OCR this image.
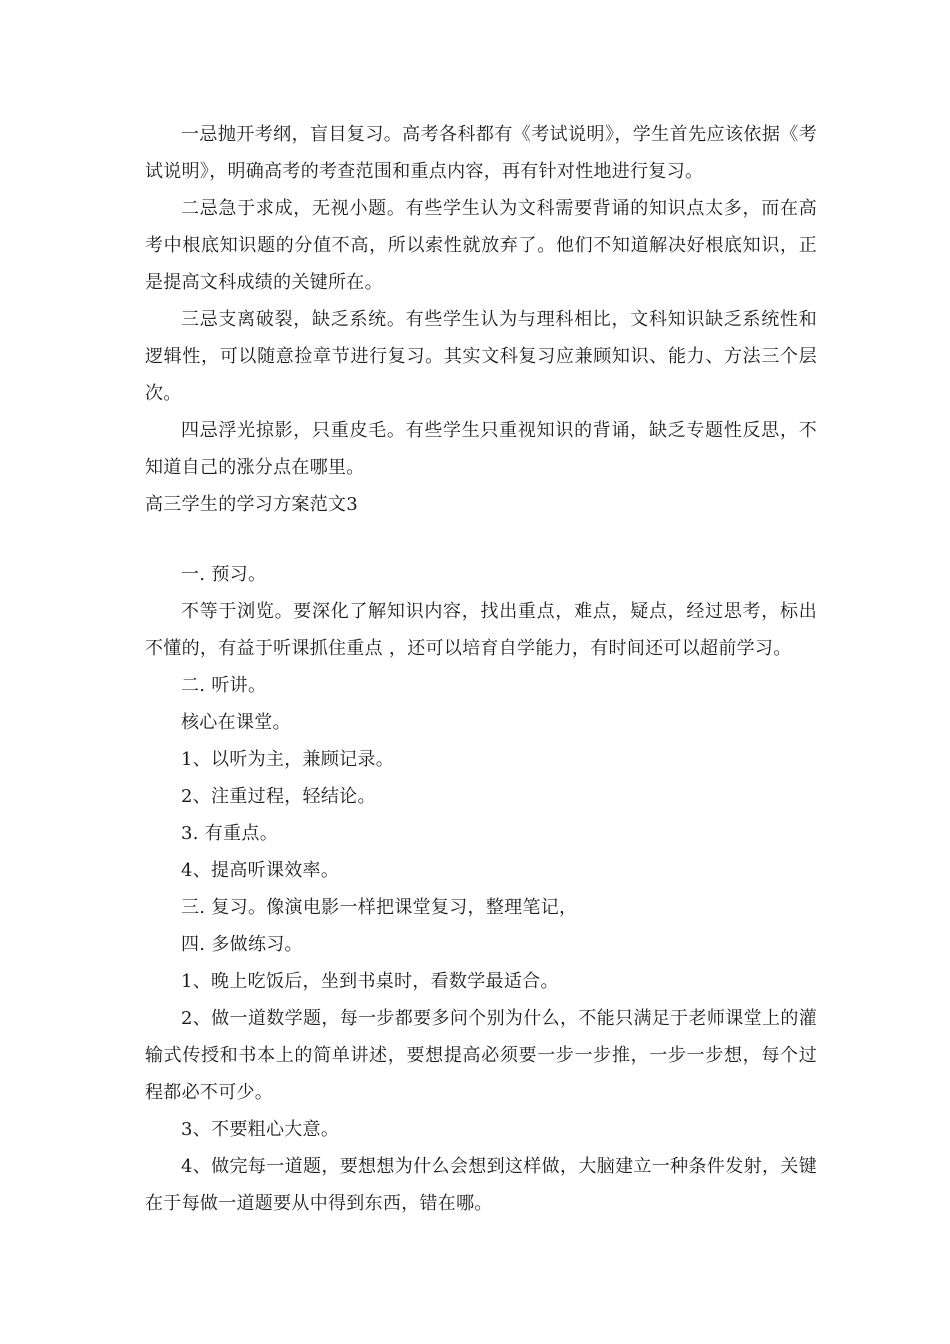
一忌抛开考纲，盲目复习。高考各科都有《考试说明》，学生首先应该依据《考试说明》，明确高考的考查范围和重点内容，再有针对性地进行复习。

二忌急于求成，无视小题。有些学生认为文科需要背诵的知识点太多，而在高考中根底知识题的分值不高，所以索性就放弃了。他们不知道解决好根底知识，正是提高文科成绩的关键所在。

三忌支离破裂，缺乏系统。有些学生认为与理科相比，文科知识缺乏系统性和逻辑性，可以随意捡章节进行复习。其实文科复习应兼顾知识、能力、方法三个层次。

四忌浮光掠影，只重皮毛。有些学生只重视知识的背诵，缺乏专题性反思，不知道自己的涨分点在哪里。

高三学生的学习方案范文3

一. 预习。

不等于浏览。要深化了解知识内容，找出重点，难点，疑点，经过思考，标出不懂的，有益于听课抓住重点 ，还可以培育自学能力，有时间还可以超前学习。

二. 听讲。

核心在课堂。

1、以听为主，兼顾记录。

2、注重过程，轻结论。

3. 有重点。

4、提高听课效率。

三. 复习。像演电影一样把课堂复习，整理笔记，

四. 多做练习。

1、晚上吃饭后，坐到书桌时，看数学最适合。

2、做一道数学题，每一步都要多问个别为什么，不能只满足于老师课堂上的灌输式传授和书本上的简单讲述，要想提高必须要一步一步推，一步一步想，每个过程都必不可少。

3、不要粗心大意。

4、做完每一道题，要想想为什么会想到这样做，大脑建立一种条件发射，关键在于每做一道题要从中得到东西，错在哪。
